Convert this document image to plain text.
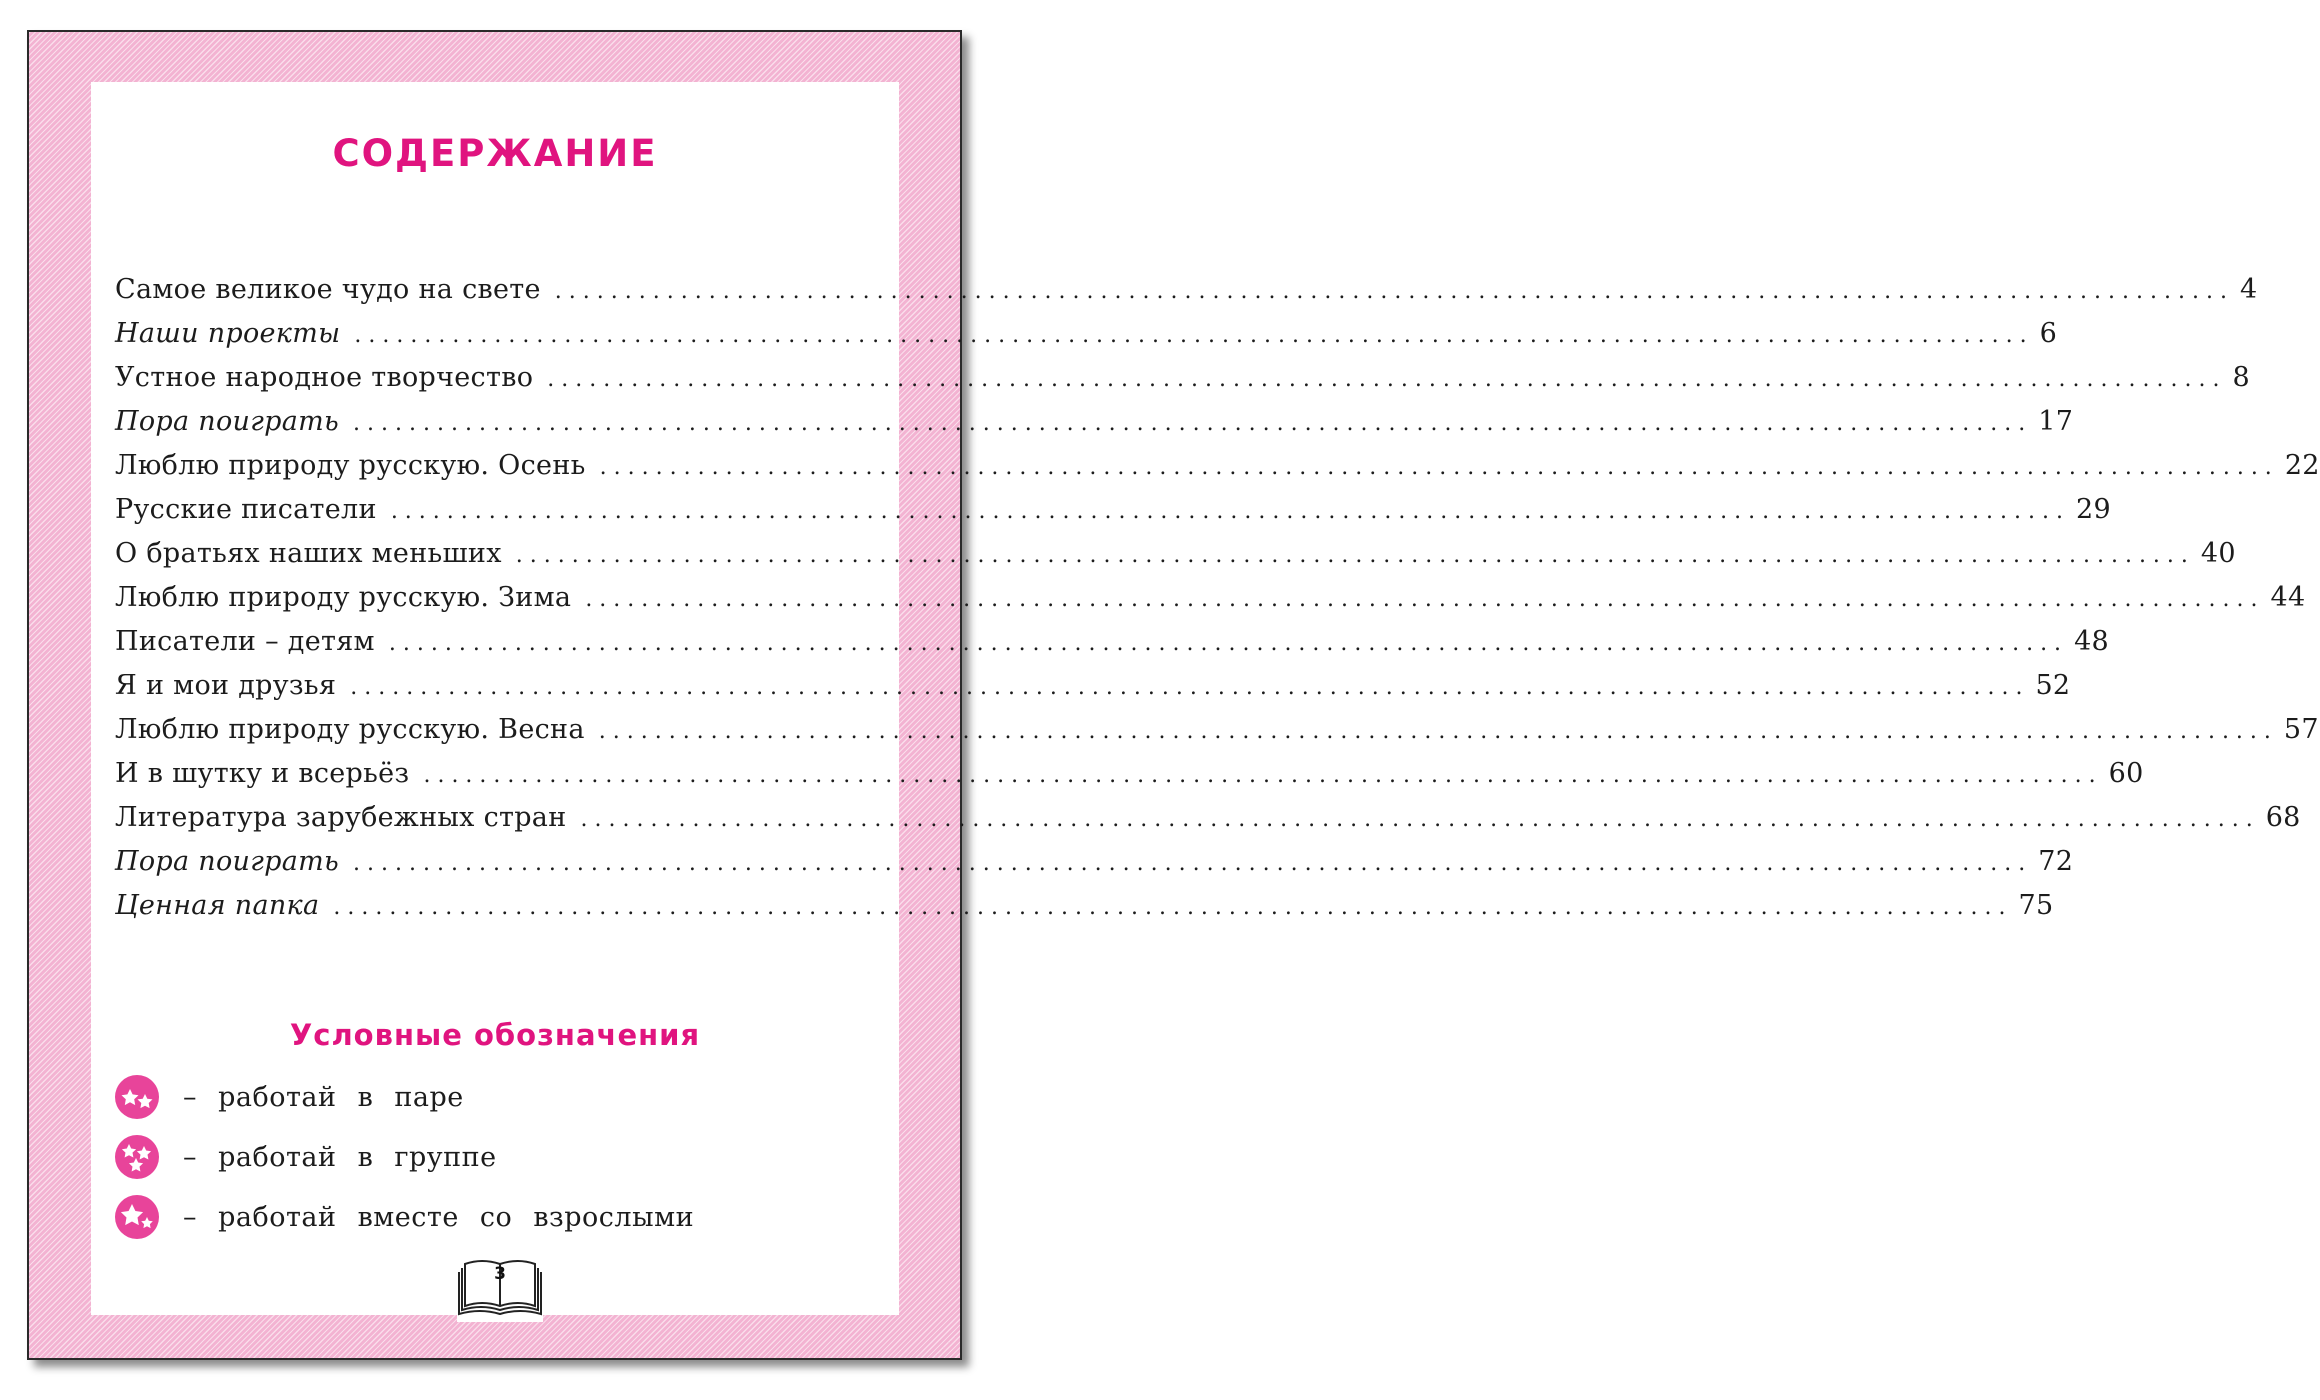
СОДЕРЖАНИЕ
Самое великое чудо на свете ........................................................................................................................ 4
Наши проекты ........................................................................................................................ 6
Устное народное творчество ........................................................................................................................ 8
Пора поиграть ........................................................................................................................ 17
Люблю природу русскую. Осень ........................................................................................................................ 22
Русские писатели ........................................................................................................................ 29
О братьях наших меньших ........................................................................................................................ 40
Люблю природу русскую. Зима ........................................................................................................................ 44
Писатели – детям ........................................................................................................................ 48
Я и мои друзья ........................................................................................................................ 52
Люблю природу русскую. Весна ........................................................................................................................ 57
И в шутку и всерьёз ........................................................................................................................ 60
Литература зарубежных стран ........................................................................................................................ 68
Пора поиграть ........................................................................................................................ 72
Ценная папка ........................................................................................................................ 75
Условные обозначения
– работай в паре
– работай в группе
– работай вместе со взрослыми
3
